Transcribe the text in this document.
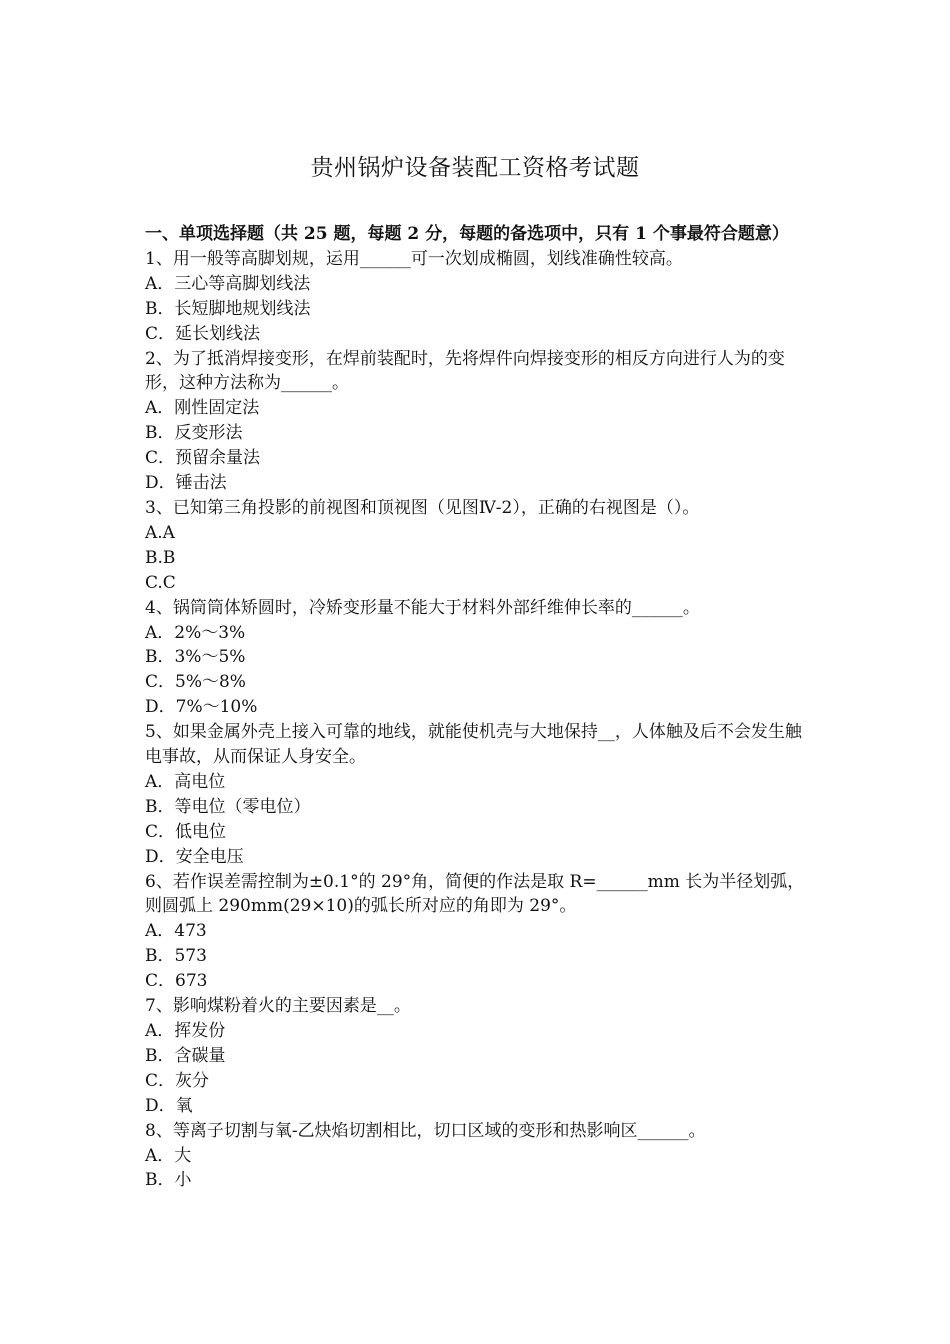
贵州锅炉设备装配工资格考试题

一、单项选择题（共 25 题，每题 2 分，每题的备选项中，只有 1 个事最符合题意）

1、用一般等高脚划规，运用______可一次划成椭圆，划线准确性较高。

A．三心等高脚划线法

B．长短脚地规划线法

C．延长划线法

2、为了抵消焊接变形，在焊前装配时，先将焊件向焊接变形的相反方向进行人为的变形，这种方法称为______。

A．刚性固定法

B．反变形法

C．预留余量法

D．锤击法

3、已知第三角投影的前视图和顶视图（见图Ⅳ-2），正确的右视图是（）。

A.A

B.B

C.C

4、锅筒筒体矫圆时，冷矫变形量不能大于材料外部纤维伸长率的______。

A．2%～3%

B．3%～5%

C．5%～8%

D．7%～10%

5、如果金属外壳上接入可靠的地线，就能使机壳与大地保持__，人体触及后不会发生触电事故，从而保证人身安全。

A．高电位

B．等电位（零电位）

C．低电位

D．安全电压

6、若作误差需控制为±0.1°的 29°角，简便的作法是取 R=______mm 长为半径划弧，则圆弧上 290mm(29×10)的弧长所对应的角即为 29°。

A．473

B．573

C．673

7、影响煤粉着火的主要因素是__。

A．挥发份

B．含碳量

C．灰分

D．氧

8、等离子切割与氧-乙炔焰切割相比，切口区域的变形和热影响区______。

A．大

B．小
